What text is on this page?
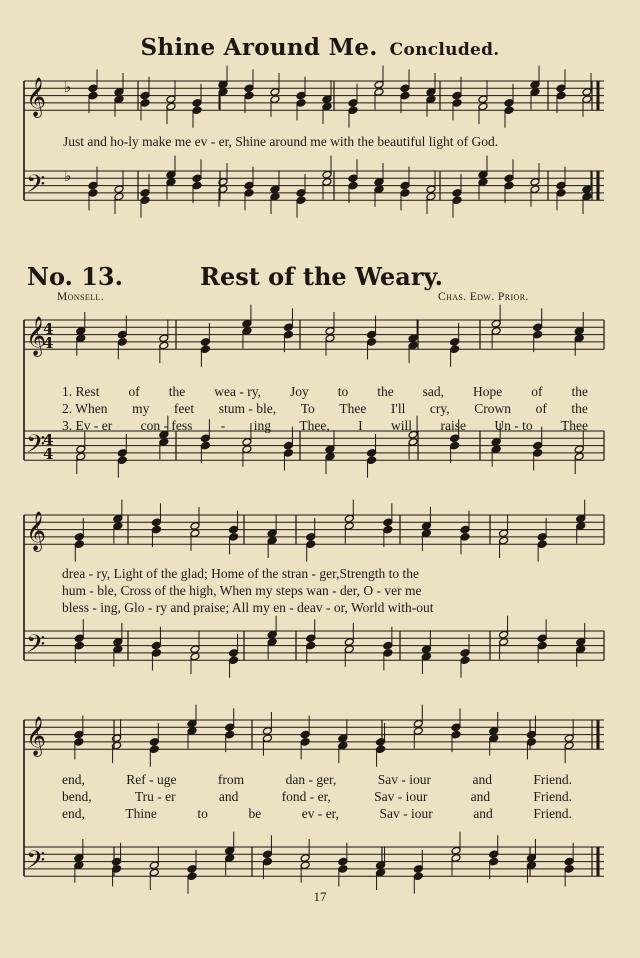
Shine Around Me. Concluded.
𝄞
𝄢
♭
♭
𝄞
𝄢
4
4
4
4
𝄞
𝄢
𝄞
𝄢
Just and ho-ly make me ev - er, Shine around me with the beautiful light of God.
No. 13.	Rest of the Weary.
Monsell.	Chas. Edw. Prior.
1. Rest of the wea - ry, Joy to the sad, Hope of the
2. When my feet stum - ble, To Thee I'll cry, Crown of the
3. Ev - er con - fess - ing Thee, I will raise Un - to Thee
drea - ry, Light of the glad; Home of the stran - ger,Strength to the
hum - ble, Cross of the high, When my steps wan - der, O - ver me
bless - ing, Glo - ry and praise; All my en - deav - or, World with-out
end,	Ref - uge	from	dan - ger,	Sav - iour	and	Friend.
bend,	Tru - er	and	fond - er,	Sav - iour	and	Friend.
end,	Thine	to	be	ev - er,	Sav - iour	and	Friend.
17
